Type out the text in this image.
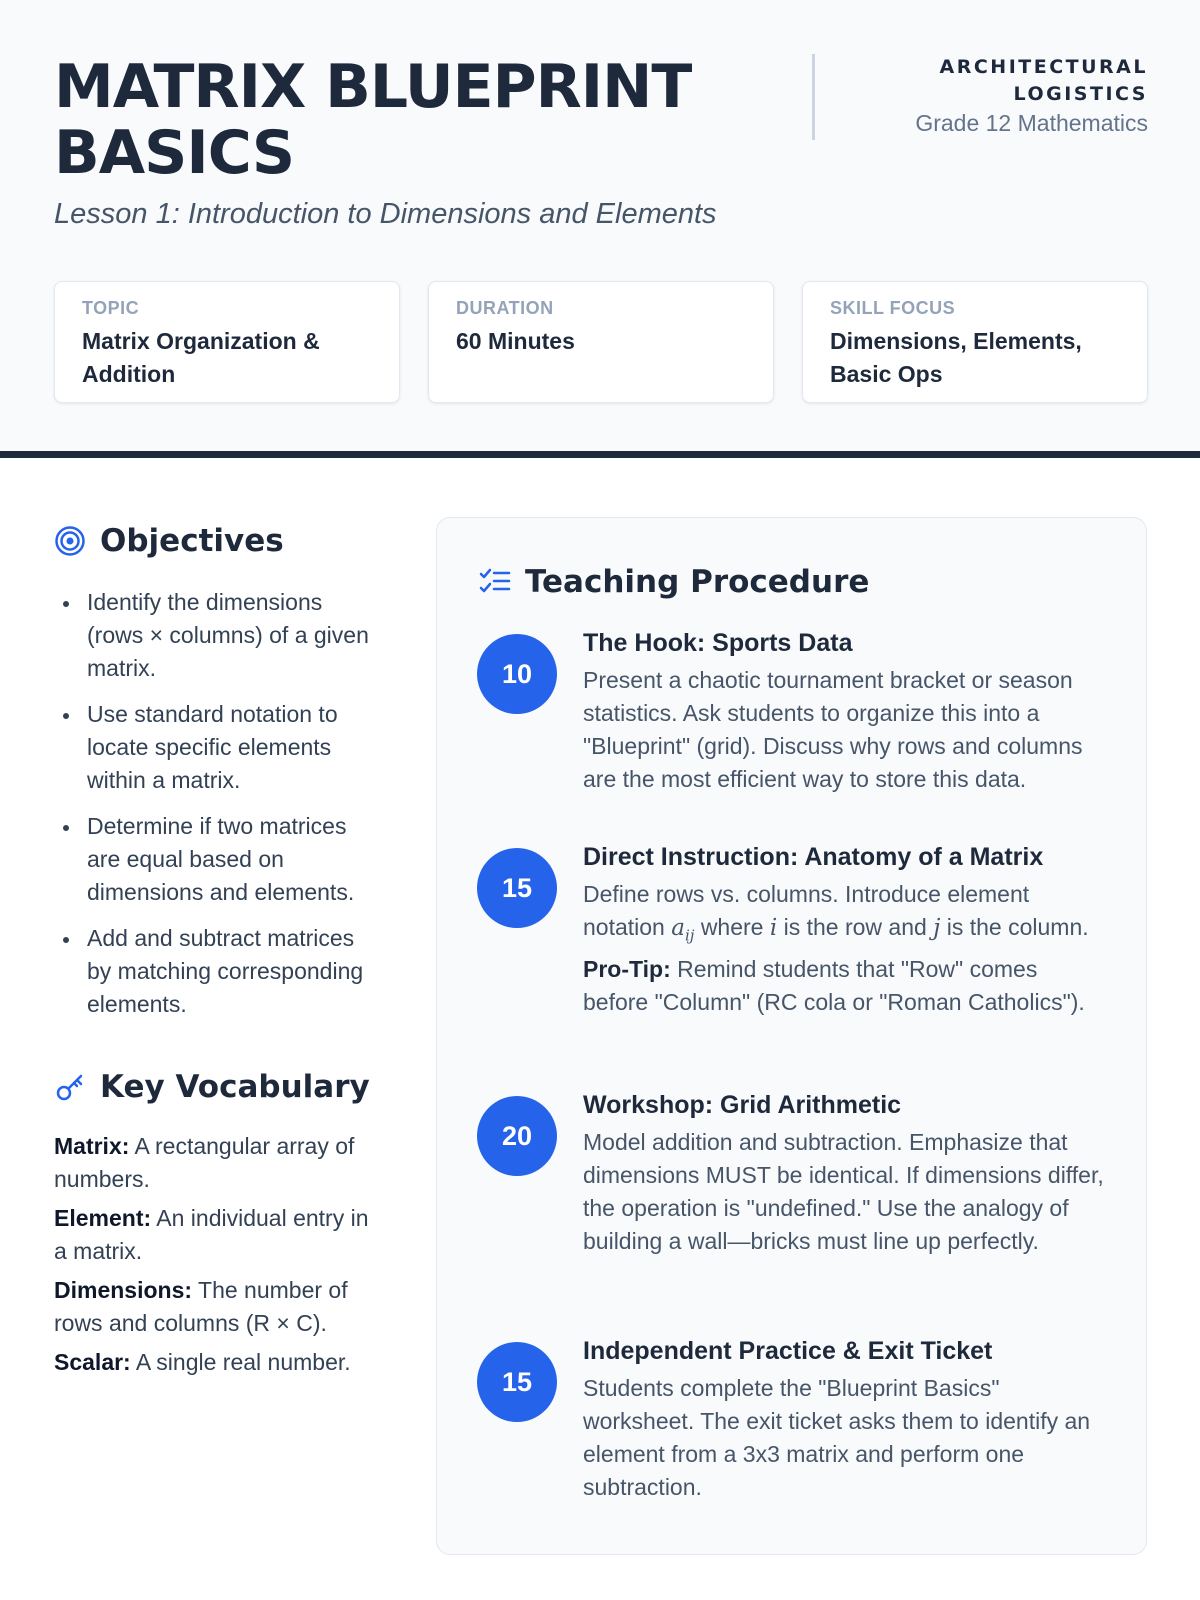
MATRIX BLUEPRINT BASICS
Lesson 1: Introduction to Dimensions and Elements
ARCHITECTURAL LOGISTICS
Grade 12 Mathematics
TOPIC
Matrix Organization & Addition
DURATION
60 Minutes
SKILL FOCUS
Dimensions, Elements, Basic Ops
Objectives
Identify the dimensions (rows × columns) of a given matrix.
Use standard notation to locate specific elements within a matrix.
Determine if two matrices are equal based on dimensions and elements.
Add and subtract matrices by matching corresponding elements.
Key Vocabulary
Matrix: A rectangular array of numbers.
Element: An individual entry in a matrix.
Dimensions: The number of rows and columns (R × C).
Scalar: A single real number.
Teaching Procedure
10
The Hook: Sports Data
Present a chaotic tournament bracket or season statistics. Ask students to organize this into a "Blueprint" (grid). Discuss why rows and columns are the most efficient way to store this data.
15
Direct Instruction: Anatomy of a Matrix
Define rows vs. columns. Introduce element notation $a_{ij}$ where i is the row and j is the column. Pro-Tip: Remind students that "Row" comes before "Column" (RC cola or "Roman Catholics").
20
Workshop: Grid Arithmetic
Model addition and subtraction. Emphasize that dimensions MUST be identical. If dimensions differ, the operation is "undefined." Use the analogy of building a wall—bricks must line up perfectly.
15
Independent Practice & Exit Ticket
Students complete the "Blueprint Basics" worksheet. The exit ticket asks them to identify an element from a 3x3 matrix and perform one subtraction.
